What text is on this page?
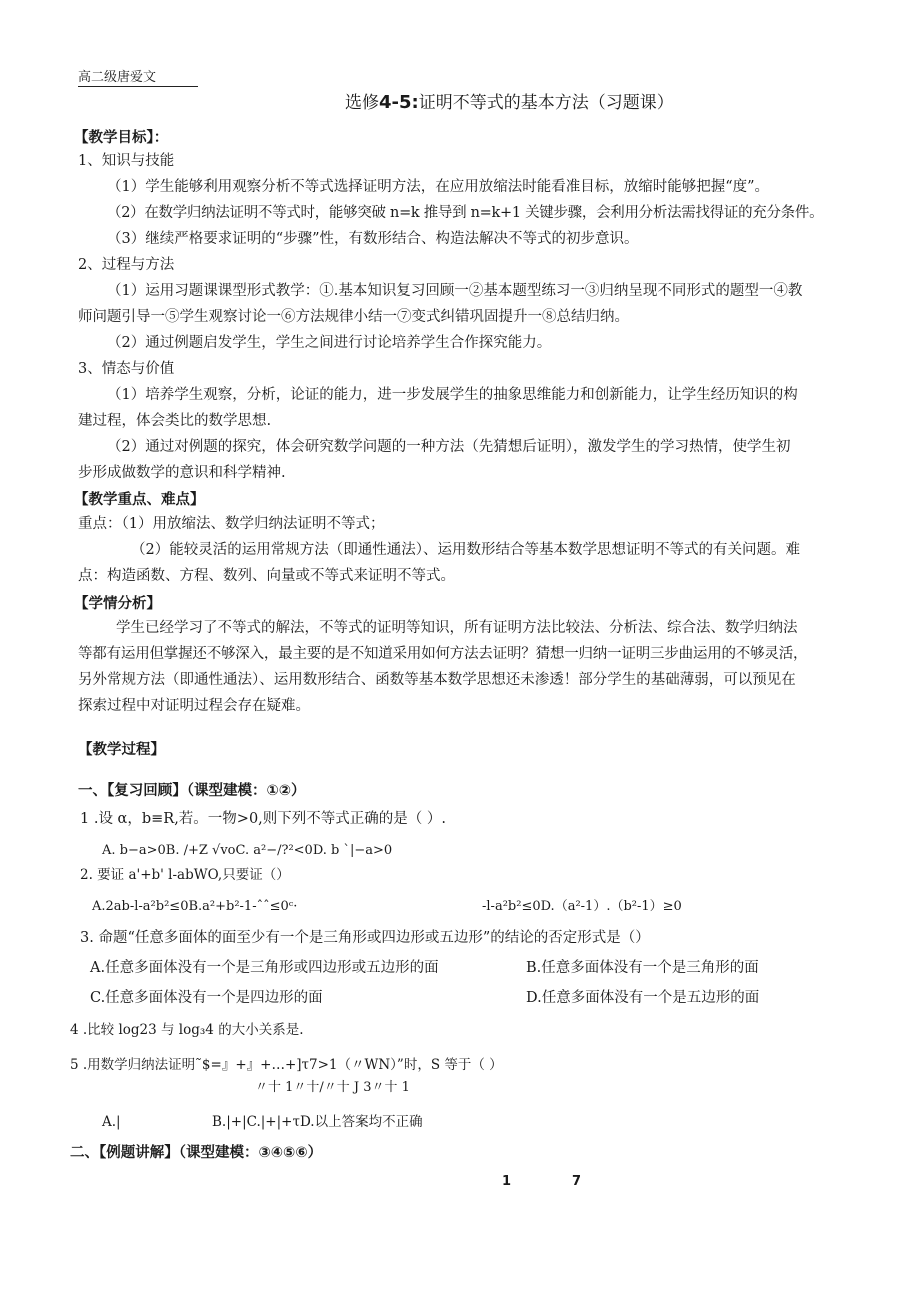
高二级唐爱文
选修4-5:证明不等式的基本方法（习题课）
【教学目标】：
1、知识与技能
（1）学生能够利用观察分析不等式选择证明方法，在应用放缩法时能看准目标，放缩时能够把握“度”。
（2）在数学归纳法证明不等式时，能够突破 n=k 推导到 n=k+1 关键步骤，会利用分析法需找得证的充分条件。
（3）继续严格要求证明的“步骤”性，有数形结合、构造法解决不等式的初步意识。
2、过程与方法
（1）运用习题课课型形式教学：①.基本知识复习回顾一②基本题型练习一③归纳呈现不同形式的题型一④教
师问题引导一⑤学生观察讨论一⑥方法规律小结一⑦变式纠错巩固提升一⑧总结归纳。
（2）通过例题启发学生，学生之间进行讨论培养学生合作探究能力。
3、情态与价值
（1）培养学生观察，分析，论证的能力，进一步发展学生的抽象思维能力和创新能力，让学生经历知识的构
建过程，体会类比的数学思想.
（2）通过对例题的探究，体会研究数学问题的一种方法（先猜想后证明），激发学生的学习热情，使学生初
步形成做数学的意识和科学精神.
【教学重点、难点】
重点：（1）用放缩法、数学归纳法证明不等式；
（2）能较灵活的运用常规方法（即通性通法）、运用数形结合等基本数学思想证明不等式的有关问题。难
点：构造函数、方程、数列、向量或不等式来证明不等式。
【学情分析】
学生已经学习了不等式的解法，不等式的证明等知识，所有证明方法比较法、分析法、综合法、数学归纳法
等都有运用但掌握还不够深入，最主要的是不知道采用如何方法去证明？猜想一归纳一证明三步曲运用的不够灵活，
另外常规方法（即通性通法）、运用数形结合、函数等基本数学思想还未渗透！部分学生的基础薄弱，可以预见在
探索过程中对证明过程会存在疑难。
【教学过程】
一、【复习回顾】（课型建模：①②）
1 .设 α，b≡R,若。一物>0,则下列不等式正确的是（ ）.
A. b−a>0B. /+Z √voC. a²−/?²<0D. b ˋ|−a>0
2. 要证 a'+b' l-abWO,只要证（）
A.2ab-l-a²b²≤0B.a²+b²-1-ˆˆ≤0ᶜ·	-l-a²b²≤0D.（a²-1）.（b²-1）≥0
3. 命题“任意多面体的面至少有一个是三角形或四边形或五边形”的结论的否定形式是（）
A.任意多面体没有一个是三角形或四边形或五边形的面	B.任意多面体没有一个是三角形的面
C.任意多面体没有一个是四边形的面	D.任意多面体没有一个是五边形的面
4 .比较 log23 与 log₃4 的大小关系是.
5 .用数学归纳法证明˜$=』+』+…+]τ7>1（〃WN）”时，S 等于（ ）
〃十 1〃十/〃十 J 3〃十 1
A.|	B.|+|C.|+|+τD.以上答案均不正确
二、【例题讲解】（课型建模：③④⑤⑥）
1	7
